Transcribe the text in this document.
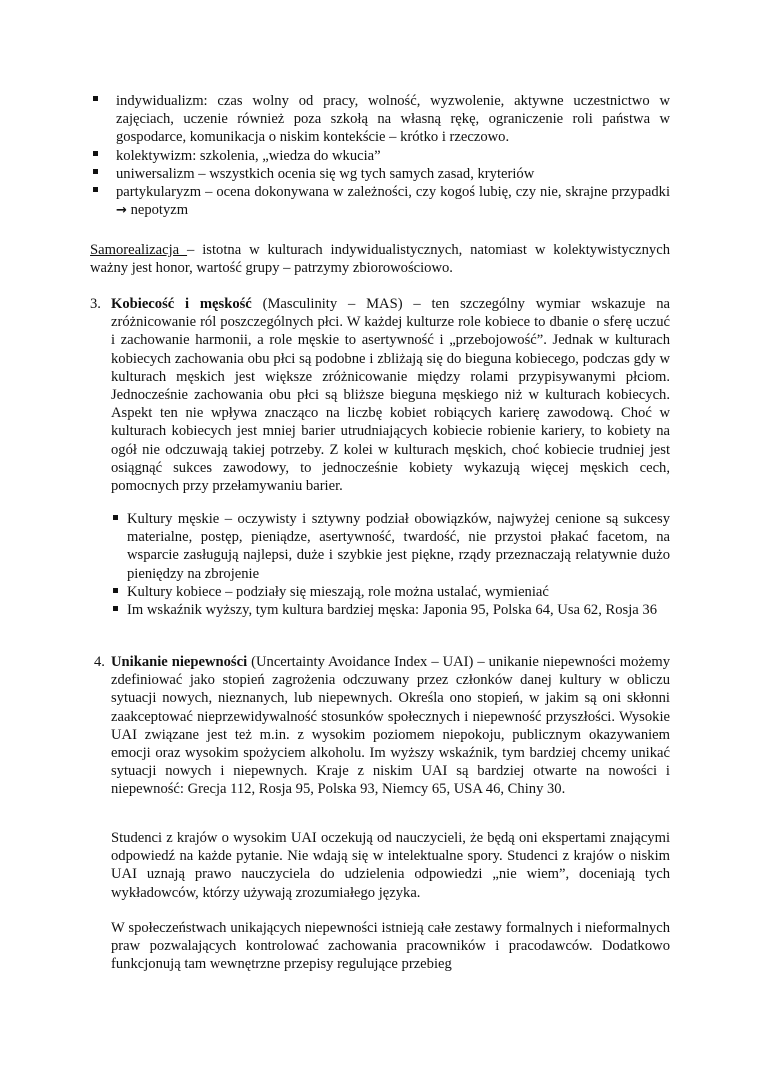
indywidualizm: czas wolny od pracy, wolność, wyzwolenie, aktywne uczestnictwo w zajęciach, uczenie również poza szkołą na własną rękę, ograniczenie roli państwa w gospodarce, komunikacja o niskim kontekście – krótko i rzeczowo.
kolektywizm: szkolenia, „wiedza do wkucia”
uniwersalizm – wszystkich ocenia się wg tych samych zasad, kryteriów
partykularyzm – ocena dokonywana w zależności, czy kogoś lubię, czy nie, skrajne przypadki → nepotyzm
Samorealizacja – istotna w kulturach indywidualistycznych, natomiast w kolektywistycznych ważny jest honor, wartość grupy – patrzymy zbiorowościowo.
3. Kobiecość i męskość (Masculinity – MAS) – ten szczególny wymiar wskazuje na zróżnicowanie ról poszczególnych płci. W każdej kulturze role kobiece to dbanie o sferę uczuć i zachowanie harmonii, a role męskie to asertywność i „przebojowość”. Jednak w kulturach kobiecych zachowania obu płci są podobne i zbliżają się do bieguna kobiecego, podczas gdy w kulturach męskich jest większe zróżnicowanie między rolami przypisywanymi płciom. Jednocześnie zachowania obu płci są bliższe bieguna męskiego niż w kulturach kobiecych. Aspekt ten nie wpływa znacząco na liczbę kobiet robiących karierę zawodową. Choć w kulturach kobiecych jest mniej barier utrudniających kobiecie robienie kariery, to kobiety na ogół nie odczuwają takiej potrzeby. Z kolei w kulturach męskich, choć kobiecie trudniej jest osiągnąć sukces zawodowy, to jednocześnie kobiety wykazują więcej męskich cech, pomocnych przy przełamywaniu barier.
Kultury męskie – oczywisty i sztywny podział obowiązków, najwyżej cenione są sukcesy materialne, postęp, pieniądze, asertywność, twardość, nie przystoi płakać facetom, na wsparcie zasługują najlepsi, duże i szybkie jest piękne, rządy przeznaczają relatywnie dużo pieniędzy na zbrojenie
Kultury kobiece – podziały się mieszają, role można ustalać, wymieniać
Im wskaźnik wyższy, tym kultura bardziej męska: Japonia 95, Polska 64, Usa 62, Rosja 36
4. Unikanie niepewności (Uncertainty Avoidance Index – UAI) – unikanie niepewności możemy zdefiniować jako stopień zagrożenia odczuwany przez członków danej kultury w obliczu sytuacji nowych, nieznanych, lub niepewnych. Określa ono stopień, w jakim są oni skłonni zaakceptować nieprzewidywalność stosunków społecznych i niepewność przyszłości. Wysokie UAI związane jest też m.in. z wysokim poziomem niepokoju, publicznym okazywaniem emocji oraz wysokim spożyciem alkoholu. Im wyższy wskaźnik, tym bardziej chcemy unikać sytuacji nowych i niepewnych. Kraje z niskim UAI są bardziej otwarte na nowości i niepewność: Grecja 112, Rosja 95, Polska 93, Niemcy 65, USA 46, Chiny 30.
Studenci z krajów o wysokim UAI oczekują od nauczycieli, że będą oni ekspertami znającymi odpowiedź na każde pytanie. Nie wdają się w intelektualne spory. Studenci z krajów o niskim UAI uznają prawo nauczyciela do udzielenia odpowiedzi „nie wiem”, doceniają tych wykładowców, którzy używają zrozumiałego języka.
W społeczeństwach unikających niepewności istnieją całe zestawy formalnych i nieformalnych praw pozwalających kontrolować zachowania pracowników i pracodawców. Dodatkowo funkcjonują tam wewnętrzne przepisy regulujące przebieg
